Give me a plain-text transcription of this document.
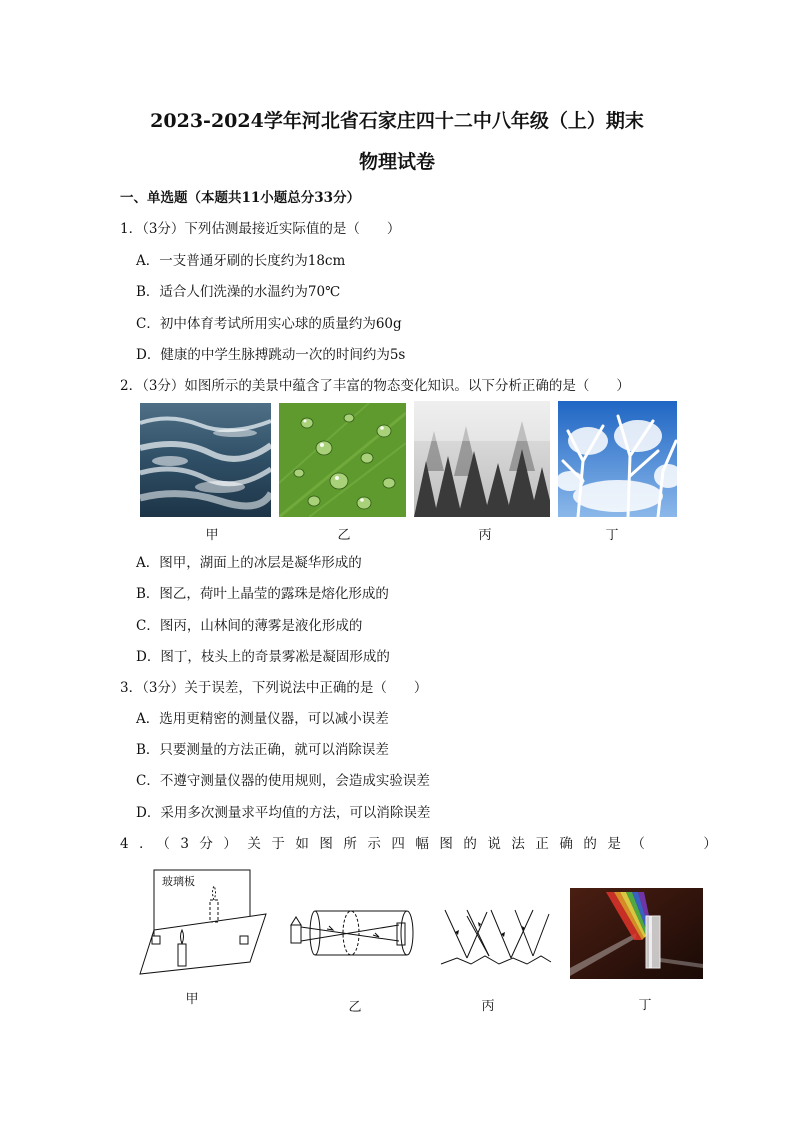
2023-2024学年河北省石家庄四十二中八年级（上）期末
物理试卷
一、单选题（本题共11小题总分33分）
1．（3分）下列估测最接近实际值的是（　　）
A．一支普通牙刷的长度约为18cm
B．适合人们洗澡的水温约为70℃
C．初中体育考试所用实心球的质量约为60g
D．健康的中学生脉搏跳动一次的时间约为5s
2．（3分）如图所示的美景中蕴含了丰富的物态变化知识。以下分析正确的是（　　）
甲	乙	丙	丁
A．图甲，湖面上的冰层是凝华形成的
B．图乙，荷叶上晶莹的露珠是熔化形成的
C．图丙，山林间的薄雾是液化形成的
D．图丁，枝头上的奇景雾凇是凝固形成的
3．（3分）关于误差，下列说法中正确的是（　　）
A．选用更精密的测量仪器，可以减小误差
B．只要测量的方法正确，就可以消除误差
C．不遵守测量仪器的使用规则，会造成实验误差
D．采用多次测量求平均值的方法，可以消除误差
4．（3分）关于如图所示四幅图的说法正确的是（　　）
玻璃板
甲
乙	丙	丁
